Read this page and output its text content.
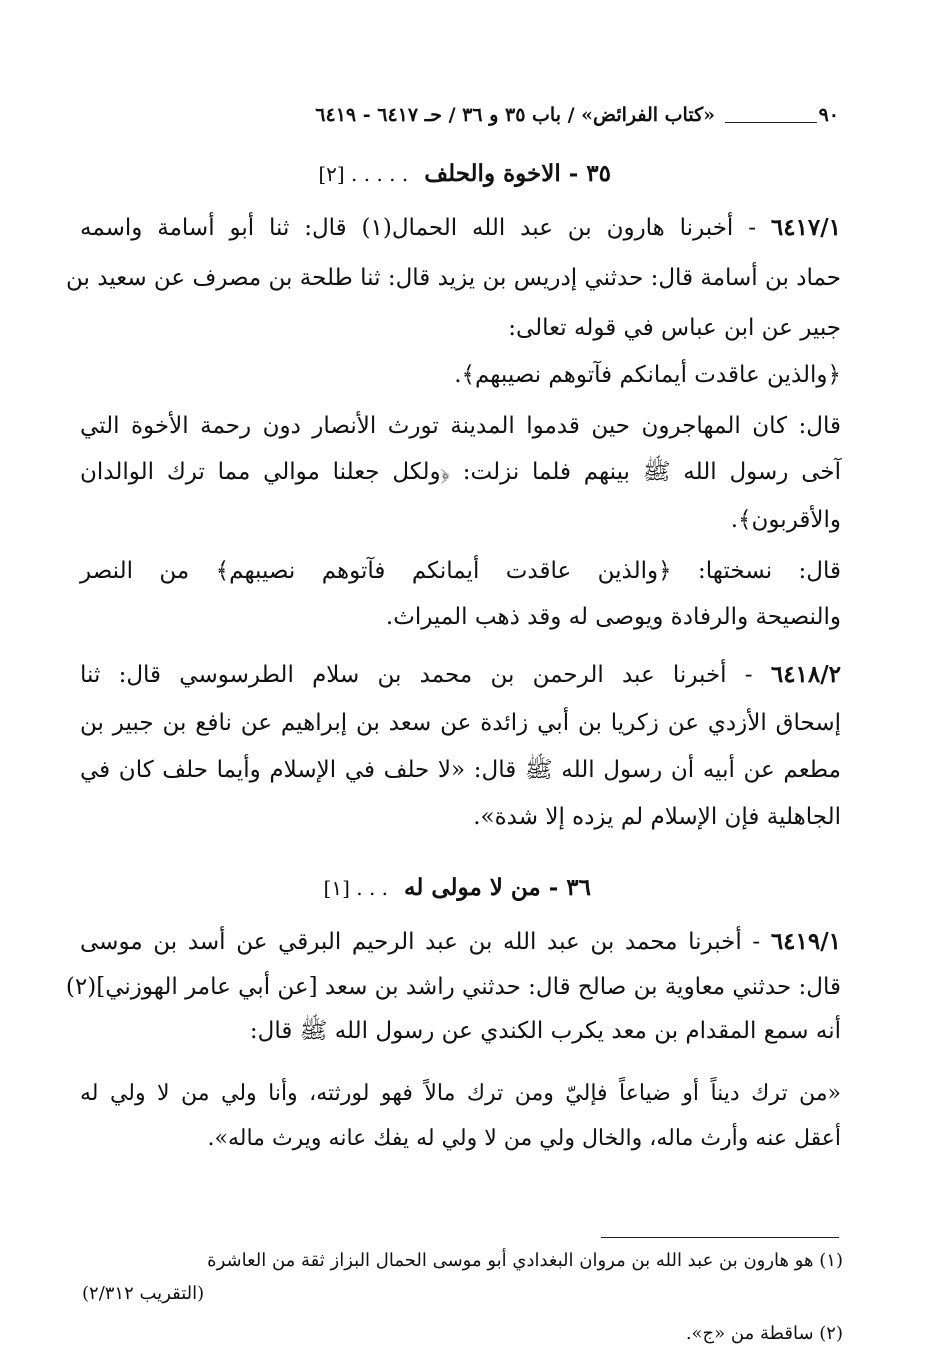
٩٠
«كتاب الفرائض» / باب ٣٥ و ٣٦ / حـ ٦٤١٧ - ٦٤١٩
٣٥ - الاخوة والحلف . . . . . [٢]
٦٤١٧/١ - أخبرنا هارون بن عبد الله الحمال(١) قال: ثنا أبو أسامة واسمه
حماد بن أسامة قال: حدثني إدريس بن يزيد قال: ثنا طلحة بن مصرف عن سعيد بن
جبير عن ابن عباس في قوله تعالى:
﴿والذين عاقدت أيمانكم فآتوهم نصيبهم﴾.
قال: كان المهاجرون حين قدموا المدينة تورث الأنصار دون رحمة الأخوة التي
آخى رسول الله ﷺ بينهم فلما نزلت: ﴿ولكل جعلنا موالي مما ترك الوالدان
والأقربون﴾.
قال: نسختها: ﴿والذين عاقدت أيمانكم فآتوهم نصيبهم﴾ من النصر
والنصيحة والرفادة ويوصى له وقد ذهب الميراث.
٦٤١٨/٢ - أخبرنا عبد الرحمن بن محمد بن سلام الطرسوسي قال: ثنا
إسحاق الأزدي عن زكريا بن أبي زائدة عن سعد بن إبراهيم عن نافع بن جبير بن
مطعم عن أبيه أن رسول الله ﷺ قال: «لا حلف في الإسلام وأيما حلف كان في
الجاهلية فإن الإسلام لم يزده إلا شدة».
٣٦ - من لا مولى له . . . [١]
٦٤١٩/١ - أخبرنا محمد بن عبد الله بن عبد الرحيم البرقي عن أسد بن موسى
قال: حدثني معاوية بن صالح قال: حدثني راشد بن سعد [عن أبي عامر الهوزني](٢)
أنه سمع المقدام بن معد يكرب الكندي عن رسول الله ﷺ قال:
«من ترك ديناً أو ضياعاً فإليّ ومن ترك مالاً فهو لورثته، وأنا ولي من لا ولي له
أعقل عنه وأرث ماله، والخال ولي من لا ولي له يفك عانه ويرث ماله».
(١) هو هارون بن عبد الله بن مروان البغدادي أبو موسى الحمال البزاز ثقة من العاشرة
(التقريب ٢/٣١٢)
(٢) ساقطة من «ج».
